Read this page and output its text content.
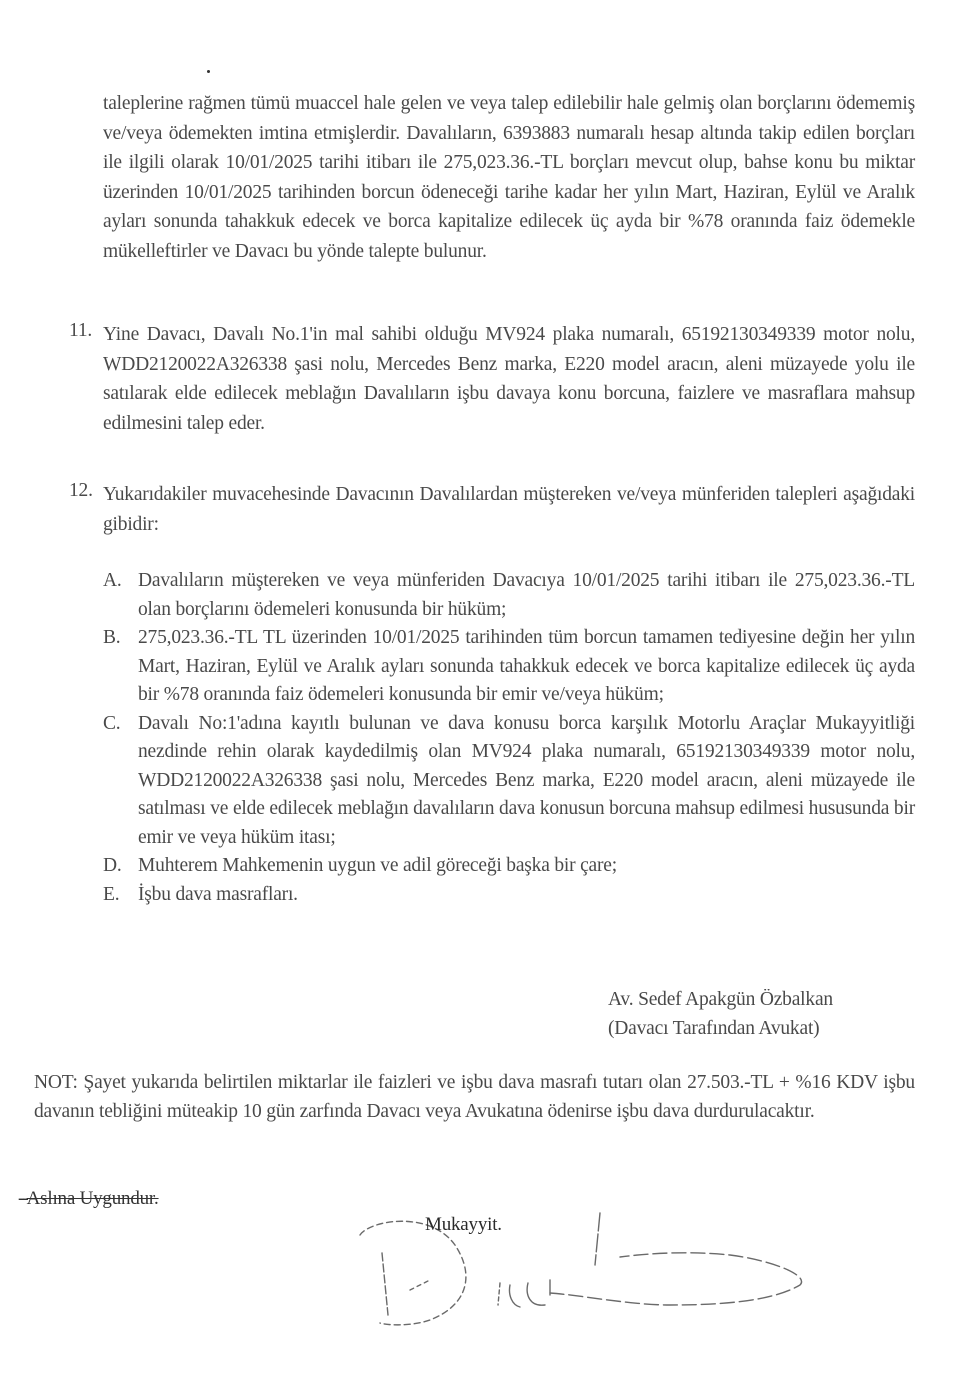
taleplerine rağmen tümü muaccel hale gelen ve veya talep edilebilir hale gelmiş olan borçlarını ödememiş ve/veya ödemekten imtina etmişlerdir. Davalıların, 6393883 numaralı hesap altında takip edilen borçları ile ilgili olarak 10/01/2025 tarihi itibarı ile 275,023.36.-TL borçları mevcut olup, bahse konu bu miktar üzerinden 10/01/2025 tarihinden borcun ödeneceği tarihe kadar her yılın Mart, Haziran, Eylül ve Aralık ayları sonunda tahakkuk edecek ve borca kapitalize edilecek üç ayda bir %78 oranında faiz ödemekle mükelleftirler ve Davacı bu yönde talepte bulunur.
11. Yine Davacı, Davalı No.1'in mal sahibi olduğu MV924 plaka numaralı, 65192130349339 motor nolu, WDD2120022A326338 şasi nolu, Mercedes Benz marka, E220 model aracın, aleni müzayede yolu ile satılarak elde edilecek meblağın Davalıların işbu davaya konu borcuna, faizlere ve masraflara mahsup edilmesini talep eder.
12. Yukarıdakiler muvacehesinde Davacının Davalılardan müştereken ve/veya münferiden talepleri aşağıdaki gibidir:
A. Davalıların müştereken ve veya münferiden Davacıya 10/01/2025 tarihi itibarı ile 275,023.36.-TL olan borçlarını ödemeleri konusunda bir hüküm;
B. 275,023.36.-TL TL üzerinden 10/01/2025 tarihinden tüm borcun tamamen tediyesine değin her yılın Mart, Haziran, Eylül ve Aralık ayları sonunda tahakkuk edecek ve borca kapitalize edilecek üç ayda bir %78 oranında faiz ödemeleri konusunda bir emir ve/veya hüküm;
C. Davalı No:1'adına kayıtlı bulunan ve dava konusu borca karşılık Motorlu Araçlar Mukayyitliği nezdinde rehin olarak kaydedilmiş olan MV924 plaka numaralı, 65192130349339 motor nolu, WDD2120022A326338 şasi nolu, Mercedes Benz marka, E220 model aracın, aleni müzayede ile satılması ve elde edilecek meblağın davalıların dava konusun borcuna mahsup edilmesi hususunda bir emir ve veya hüküm itası;
D. Muhterem Mahkemenin uygun ve adil göreceği başka bir çare;
E. İşbu dava masrafları.
Av. Sedef Apakgün Özbalkan
(Davacı Tarafından Avukat)
NOT: Şayet yukarıda belirtilen miktarlar ile faizleri ve işbu dava masrafı tutarı olan 27.503.-TL + %16 KDV işbu davanın tebliğini müteakip 10 gün zarfında Davacı veya Avukatına ödenirse işbu dava durdurulacaktır.
--Aslına Uygundur.
Mukayyit.
